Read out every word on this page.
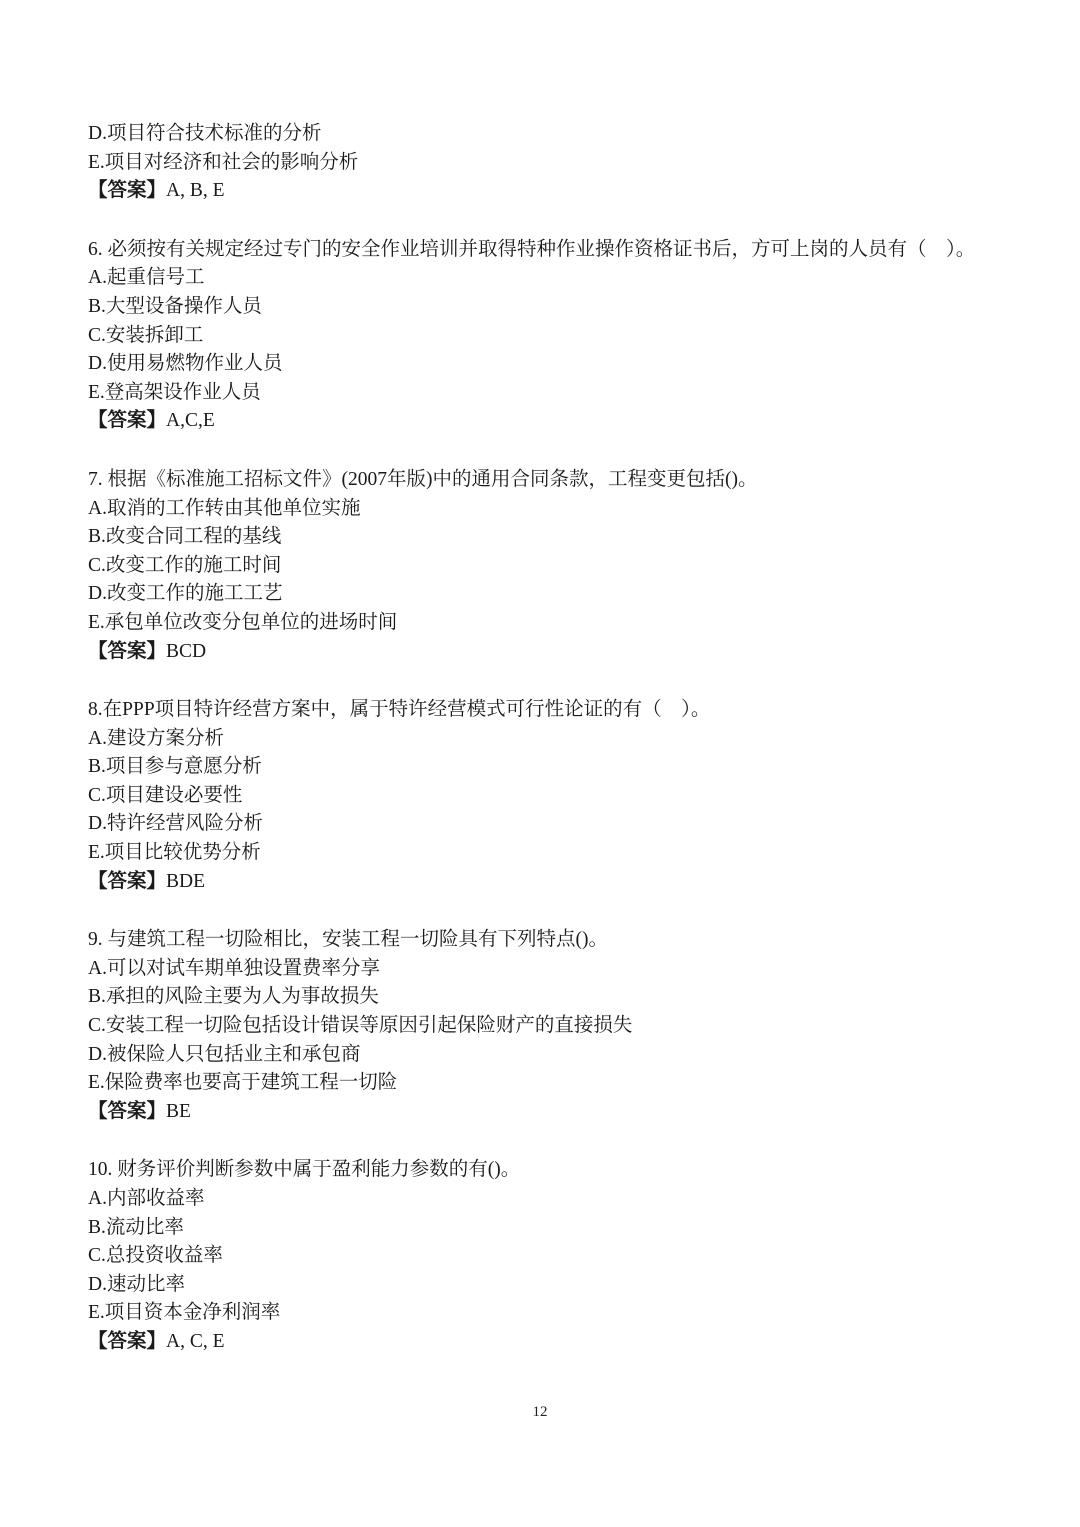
D.项目符合技术标准的分析
E.项目对经济和社会的影响分析
【答案】A, B, E
6. 必须按有关规定经过专门的安全作业培训并取得特种作业操作资格证书后，方可上岗的人员有（    ）。
A.起重信号工
B.大型设备操作人员
C.安装拆卸工
D.使用易燃物作业人员
E.登高架设作业人员
【答案】A,C,E
7. 根据《标准施工招标文件》(2007年版)中的通用合同条款，工程变更包括()。
A.取消的工作转由其他单位实施
B.改变合同工程的基线
C.改变工作的施工时间
D.改变工作的施工工艺
E.承包单位改变分包单位的进场时间
【答案】BCD
8.在PPP项目特许经营方案中，属于特许经营模式可行性论证的有（    ）。
A.建设方案分析
B.项目参与意愿分析
C.项目建设必要性
D.特许经营风险分析
E.项目比较优势分析
【答案】BDE
9. 与建筑工程一切险相比，安装工程一切险具有下列特点()。
A.可以对试车期单独设置费率分享
B.承担的风险主要为人为事故损失
C.安装工程一切险包括设计错误等原因引起保险财产的直接损失
D.被保险人只包括业主和承包商
E.保险费率也要高于建筑工程一切险
【答案】BE
10. 财务评价判断参数中属于盈利能力参数的有()。
A.内部收益率
B.流动比率
C.总投资收益率
D.速动比率
E.项目资本金净利润率
【答案】A, C, E
12
